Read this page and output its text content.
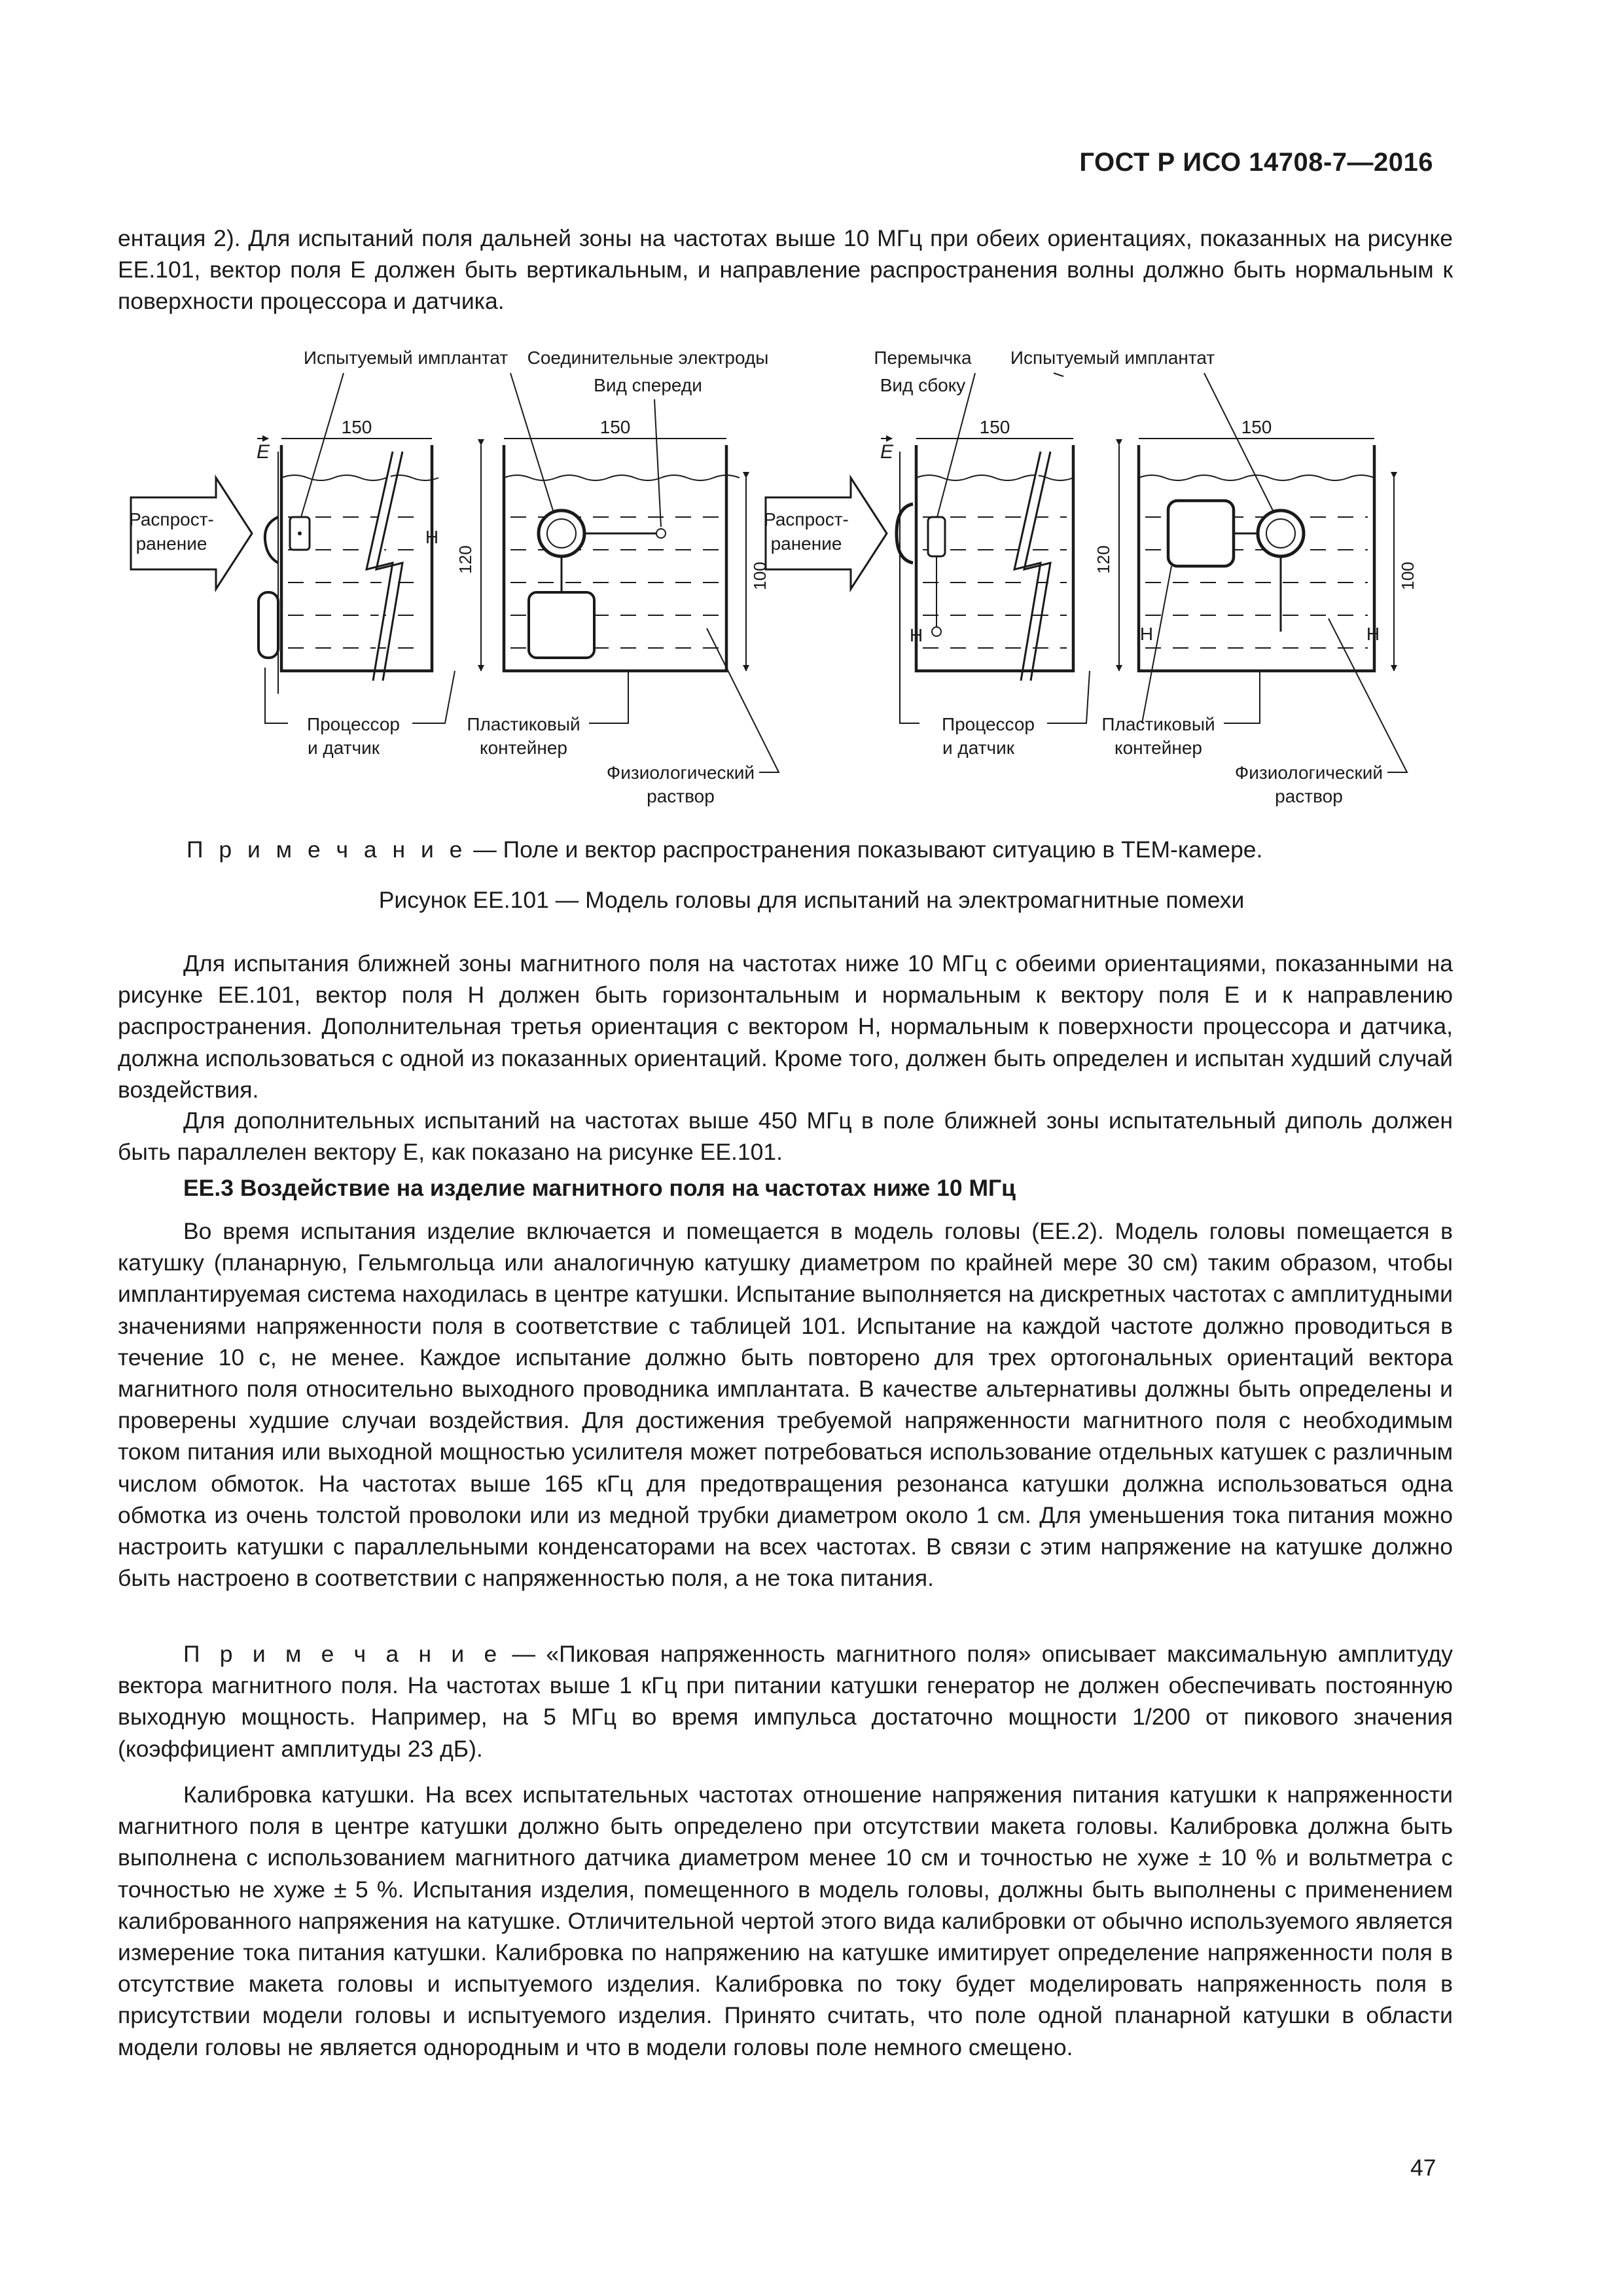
ГОСТ Р ИСО 14708-7—2016

ентация 2). Для испытаний поля дальней зоны на частотах выше 10 МГц при обеих ориентациях, показанных на рисунке ЕЕ.101, вектор поля E должен быть вертикальным, и направление распространения волны должно быть нормальным к поверхности процессора и датчика.

Испытуемый имплантат Соединительные электроды
Вид спереди
Перемычка
Вид сбоку
Испытуемый имплантат
Распрост-
ранение
E
150
H
150
120
100
Процессор
и датчик
Пластиковый
контейнер
Физиологический
раствор
Распрост-
ранение
E
150
H
150
120
100
H	H
Процессор
и датчик
Пластиковый
контейнер
Физиологический
раствор
П р и м е ч а н и е — Поле и вектор распространения показывают ситуацию в ТЕМ-камере.
Рисунок ЕЕ.101 — Модель головы для испытаний на электромагнитные помехи

Для испытания ближней зоны магнитного поля на частотах ниже 10 МГц с обеими ориентациями, показанными на рисунке ЕЕ.101, вектор поля H должен быть горизонтальным и нормальным к вектору поля E и к направлению распространения. Дополнительная третья ориентация с вектором H, нормальным к поверхности процессора и датчика, должна использоваться с одной из показанных ориентаций. Кроме того, должен быть определен и испытан худший случай воздействия.

Для дополнительных испытаний на частотах выше 450 МГц в поле ближней зоны испытательный диполь должен быть параллелен вектору E, как показано на рисунке ЕЕ.101.

ЕЕ.3 Воздействие на изделие магнитного поля на частотах ниже 10 МГц

Во время испытания изделие включается и помещается в модель головы (ЕЕ.2). Модель головы помещается в катушку (планарную, Гельмгольца или аналогичную катушку диаметром по крайней мере 30 см) таким образом, чтобы имплантируемая система находилась в центре катушки. Испытание выполняется на дискретных частотах с амплитудными значениями напряженности поля в соответствие с таблицей 101. Испытание на каждой частоте должно проводиться в течение 10 с, не менее. Каждое испытание должно быть повторено для трех ортогональных ориентаций вектора магнитного поля относительно выходного проводника имплантата. В качестве альтернативы должны быть определены и проверены худшие случаи воздействия. Для достижения требуемой напряженности магнитного поля с необходимым током питания или выходной мощностью усилителя может потребоваться использование отдельных катушек с различным числом обмоток. На частотах выше 165 кГц для предотвращения резонанса катушки должна использоваться одна обмотка из очень толстой проволоки или из медной трубки диаметром около 1 см. Для уменьшения тока питания можно настроить катушки с параллельными конденсаторами на всех частотах. В связи с этим напряжение на катушке должно быть настроено в соответствии с напряженностью поля, а не тока питания.

П р и м е ч а н и е — «Пиковая напряженность магнитного поля» описывает максимальную амплитуду вектора магнитного поля. На частотах выше 1 кГц при питании катушки генератор не должен обеспечивать постоянную выходную мощность. Например, на 5 МГц во время импульса достаточно мощности 1/200 от пикового значения (коэффициент амплитуды 23 дБ).

Калибровка катушки. На всех испытательных частотах отношение напряжения питания катушки к напряженности магнитного поля в центре катушки должно быть определено при отсутствии макета головы. Калибровка должна быть выполнена с использованием магнитного датчика диаметром менее 10 см и точностью не хуже ± 10 % и вольтметра с точностью не хуже ± 5 %. Испытания изделия, помещенного в модель головы, должны быть выполнены с применением калиброванного напряжения на катушке. Отличительной чертой этого вида калибровки от обычно используемого является измерение тока питания катушки. Калибровка по напряжению на катушке имитирует определение напряженности поля в отсутствие макета головы и испытуемого изделия. Калибровка по току будет моделировать напряженность поля в присутствии модели головы и испытуемого изделия. Принято считать, что поле одной планарной катушки в области модели головы не является однородным и что в модели головы поле немного смещено.

47
